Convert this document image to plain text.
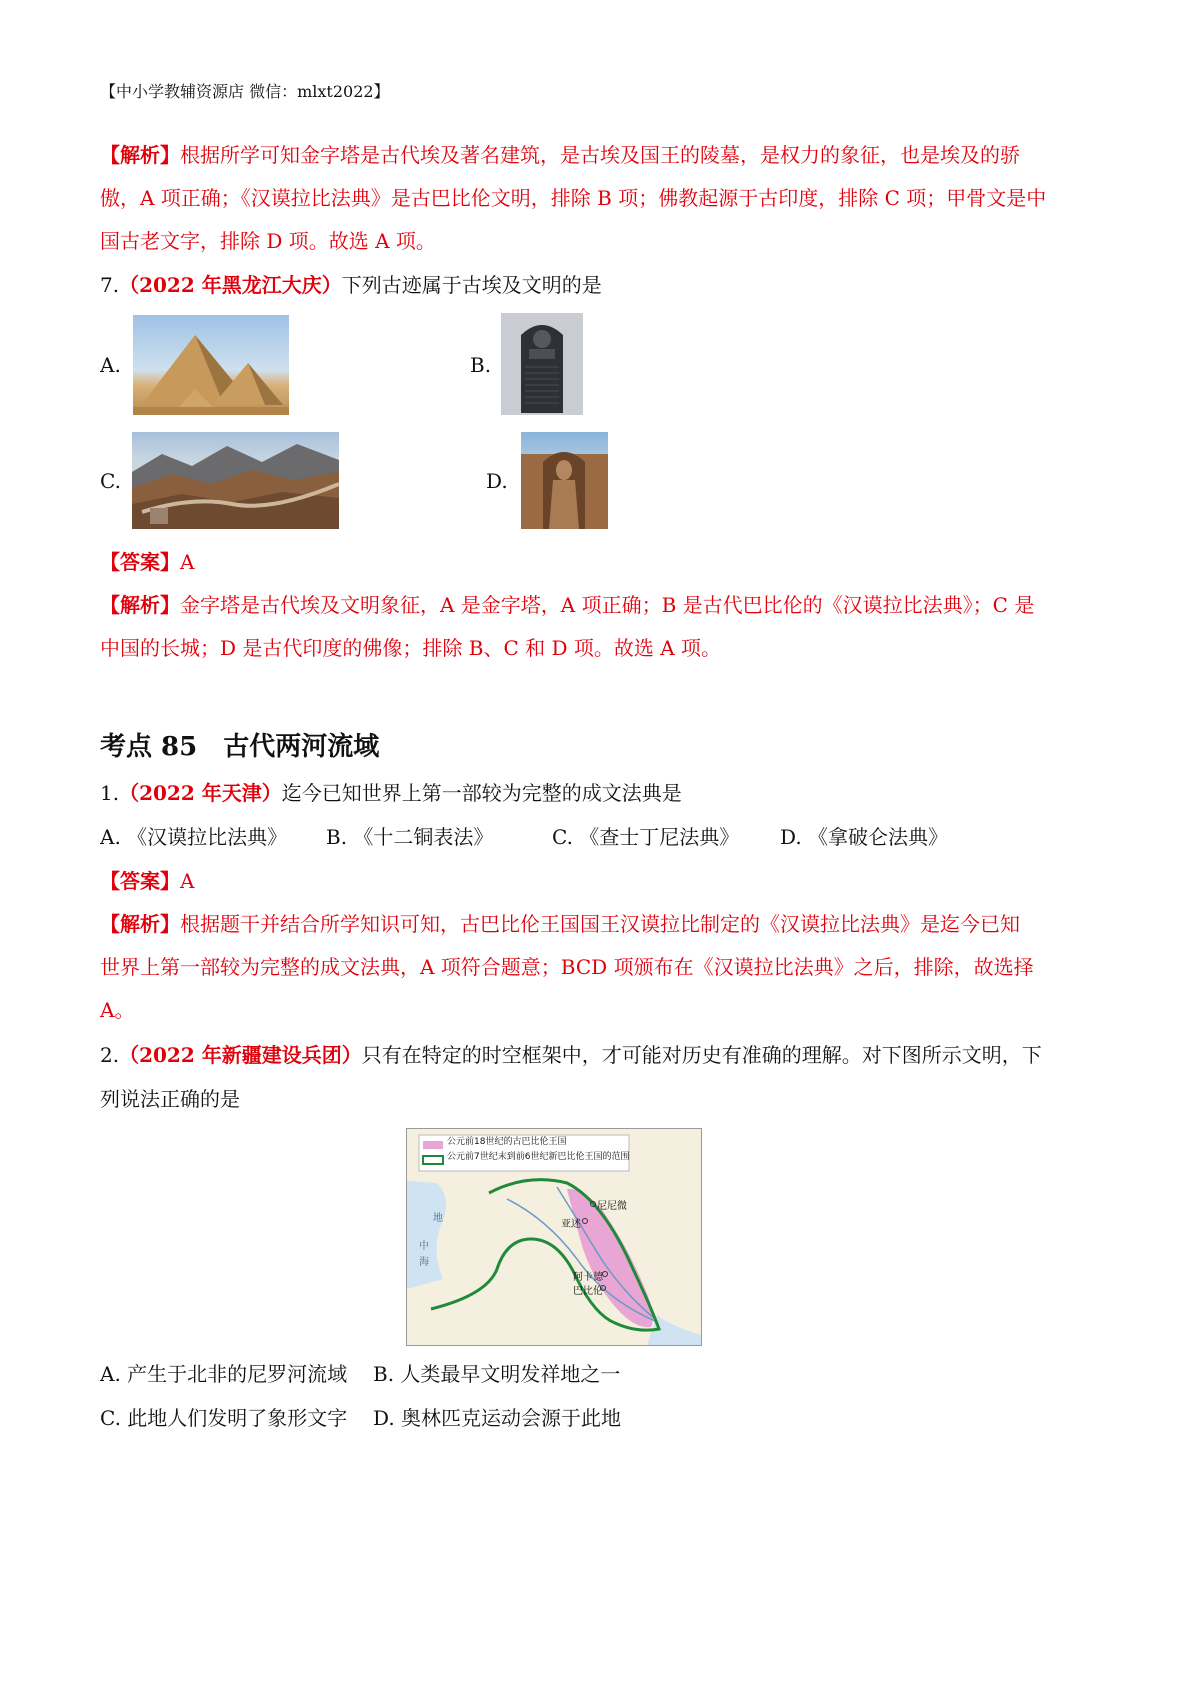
【中小学教辅资源店 微信：mlxt2022】
【解析】根据所学可知金字塔是古代埃及著名建筑，是古埃及国王的陵墓，是权力的象征，也是埃及的骄
傲，A 项正确；《汉谟拉比法典》是古巴比伦文明，排除 B 项；佛教起源于古印度，排除 C 项；甲骨文是中
国古老文字，排除 D 项。故选 A 项。
7.（2022 年黑龙江大庆）下列古迹属于古埃及文明的是
A.	B.
C.	D.
【答案】A
【解析】金字塔是古代埃及文明象征，A 是金字塔，A 项正确；B 是古代巴比伦的《汉谟拉比法典》；C 是
中国的长城；D 是古代印度的佛像；排除 B、C 和 D 项。故选 A 项。
考点 85　古代两河流域
1.（2022 年天津）迄今已知世界上第一部较为完整的成文法典是
A. 《汉谟拉比法典》 B. 《十二铜表法》	C. 《查士丁尼法典》 D. 《拿破仑法典》
【答案】A
【解析】根据题干并结合所学知识可知，古巴比伦王国国王汉谟拉比制定的《汉谟拉比法典》是迄今已知
世界上第一部较为完整的成文法典，A 项符合题意；BCD 项颁布在《汉谟拉比法典》之后，排除，故选择
A。
2.（2022 年新疆建设兵团）只有在特定的时空框架中，才可能对历史有准确的理解。对下图所示文明，下
列说法正确的是
公元前18世纪的古巴比伦王国
公元前7世纪末到前6世纪新巴比伦王国的范围
尼尼微
亚述
阿卡德
巴比伦
地
中
海
A. 产生于北非的尼罗河流域 B. 人类最早文明发祥地之一
C. 此地人们发明了象形文字 D. 奥林匹克运动会源于此地
